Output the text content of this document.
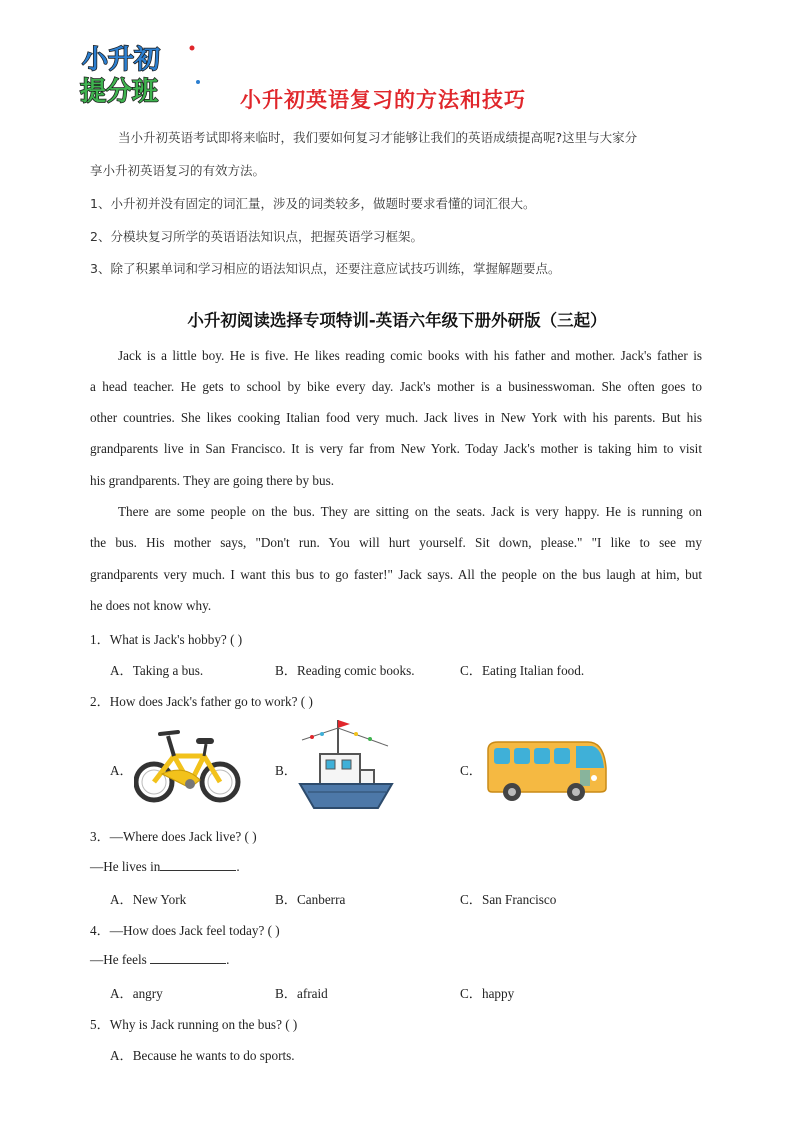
小升初
提分班	小升初英语复习的方法和技巧
当小升初英语考试即将来临时，我们要如何复习才能够让我们的英语成绩提高呢?这里与大家分
享小升初英语复习的有效方法。
1、小升初并没有固定的词汇量，涉及的词类较多，做题时要求看懂的词汇很大。
2、分模块复习所学的英语语法知识点，把握英语学习框架。
3、除了积累单词和学习相应的语法知识点，还要注意应试技巧训练，掌握解题要点。
小升初阅读选择专项特训-英语六年级下册外研版（三起）
Jack is a little boy. He is five. He likes reading comic books with his father and mother. Jack's father is
a head teacher. He gets to school by bike every day. Jack's mother is a businesswoman. She often goes to
other countries. She likes cooking Italian food very much. Jack lives in New York with his parents. But his
grandparents live in San Francisco. It is very far from New York. Today Jack's mother is taking him to visit
his grandparents. They are going there by bus.
There are some people on the bus. They are sitting on the seats. Jack is very happy. He is running on
the bus. His mother says, "Don't run. You will hurt yourself. Sit down, please." "I like to see my
grandparents very much. I want this bus to go faster!" Jack says. All the people on the bus laugh at him, but
he does not know why.
1．What is Jack's hobby? ( )
A．Taking a bus.	B．Reading comic books.	C．Eating Italian food.
2．How does Jack's father go to work? ( )
A．	B．	C．
3．—Where does Jack live? ( )
—He lives in	.
A．New York	B．Canberra	C．San Francisco
4．—How does Jack feel today? ( )
—He feels	.
A．angry	B．afraid	C．happy
5．Why is Jack running on the bus? ( )
A．Because he wants to do sports.
